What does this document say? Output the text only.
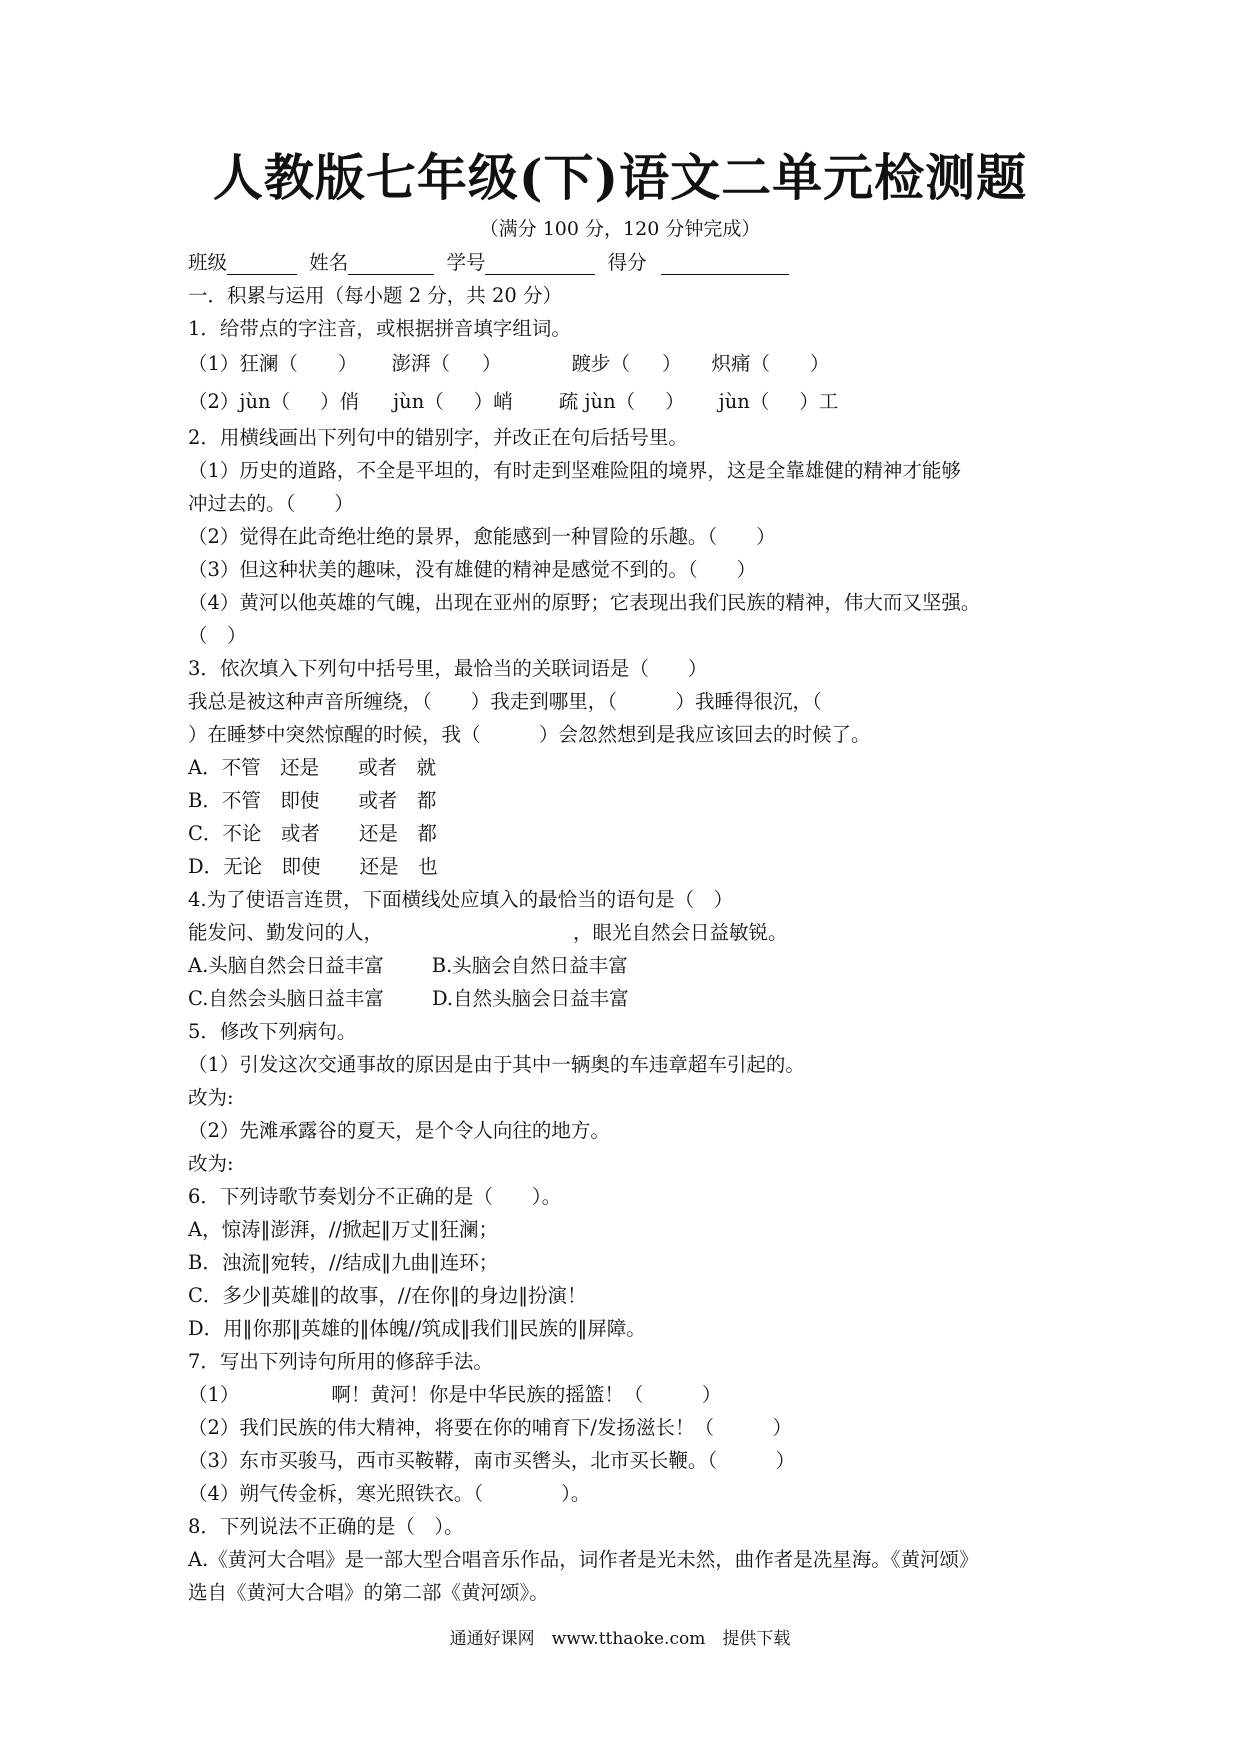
人教版七年级(下)语文二单元检测题
（满分 100 分，120 分钟完成）
班级	姓名	学号	得分
一．积累与运用（每小题 2 分，共 20 分）
1．给带点的字注音，或根据拼音填字组词。
（1）狂澜（ ） 澎湃（ ）	踱步（ ） 炽痛（ ）
（2）jùn（ ）俏 jùn（ ）峭 疏 jùn（ ） jùn（ ）工
2．用横线画出下列句中的错别字，并改正在句后括号里。
（1）历史的道路，不全是平坦的，有时走到坚难险阻的境界，这是全靠雄健的精神才能够
冲过去的。（　　）
（2）觉得在此奇绝壮绝的景界，愈能感到一种冒险的乐趣。（　　）
（3）但这种状美的趣味，没有雄健的精神是感觉不到的。（　　）
（4）黄河以他英雄的气魄，出现在亚州的原野；它表现出我们民族的精神，伟大而又坚强。
（　）
3．依次填入下列句中括号里，最恰当的关联词语是（　　）
我总是被这种声音所缠绕，（　　）我走到哪里，（　　　）我睡得很沉，（
）在睡梦中突然惊醒的时候，我（　　　）会忽然想到是我应该回去的时候了。
A．不管　还是　　或者　就
B．不管　即使　　或者　都
C．不论　或者　　还是　都
D．无论　即使　　还是　也
4.为了使语言连贯，下面横线处应填入的最恰当的语句是（　）
能发问、勤发问的人，	，眼光自然会日益敏锐。
A.头脑自然会日益丰富 B.头脑会自然日益丰富
C.自然会头脑日益丰富 D.自然头脑会日益丰富
5．修改下列病句。
（1）引发这次交通事故的原因是由于其中一辆奥的车违章超车引起的。
改为:
（2）先滩承露谷的夏天，是个令人向往的地方。
改为:
6．下列诗歌节奏划分不正确的是（　　）。
A，惊涛‖澎湃，//掀起‖万丈‖狂澜；
B．浊流‖宛转，//结成‖九曲‖连环；
C．多少‖英雄‖的故事，//在你‖的身边‖扮演！
D．用‖你那‖英雄的‖体魄//筑成‖我们‖民族的‖屏障。
7．写出下列诗句所用的修辞手法。
（1）	啊！黄河！你是中华民族的摇篮！（　　　）
（2）我们民族的伟大精神，将要在你的哺育下/发扬滋长！（　　　）
（3）东市买骏马，西市买鞍鞯，南市买辔头，北市买长鞭。（　　　）
（4）朔气传金柝，寒光照铁衣。（　　　　）。
8．下列说法不正确的是（　）。
A.《黄河大合唱》是一部大型合唱音乐作品，词作者是光未然，曲作者是冼星海。《黄河颂》
选自《黄河大合唱》的第二部《黄河颂》。
通通好课网　www.tthaoke.com　提供下载
